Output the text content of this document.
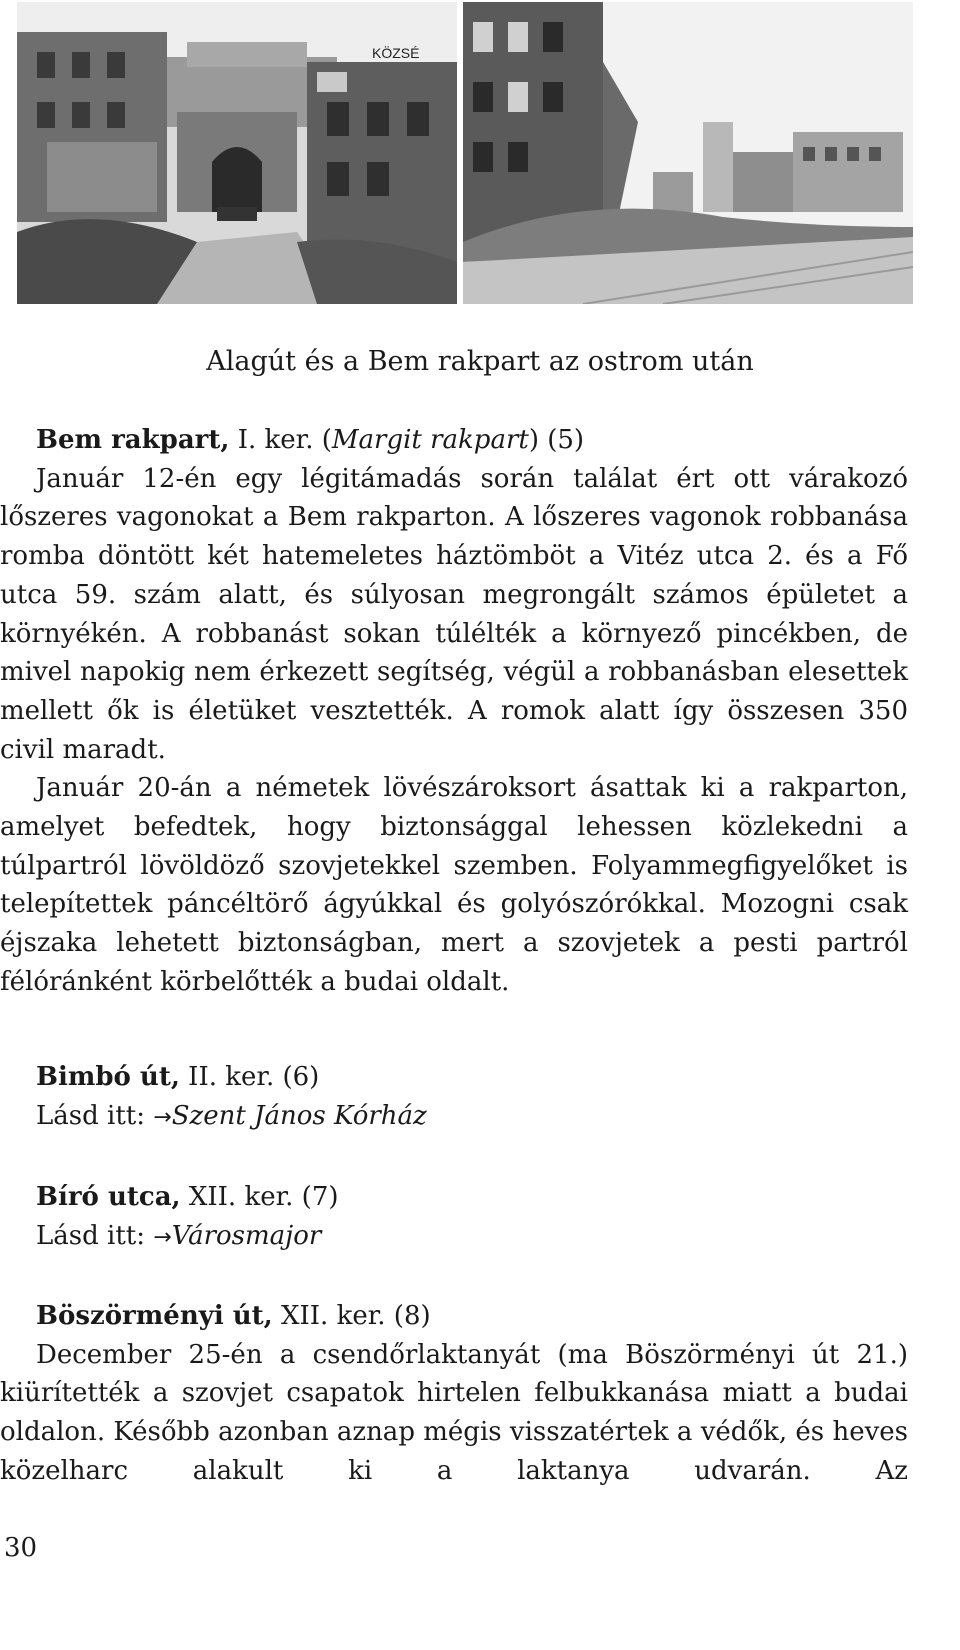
KÖZSÉ
Alagút és a Bem rakpart az ostrom után

Bem rakpart, I. ker. (Margit rakpart) (5)

Január 12-én egy légitámadás során találat ért ott várakozó lőszeres vagonokat a Bem rakparton. A lőszeres vagonok robbanása romba döntött két hatemeletes háztömböt a Vitéz utca 2. és a Fő utca 59. szám alatt, és súlyosan megrongált számos épületet a környékén. A robbanást sokan túlélték a környező pincékben, de mivel napokig nem érkezett segítség, végül a robbanásban elesettek mellett ők is életüket vesztették. A romok alatt így összesen 350 civil maradt.

Január 20-án a németek lövészároksort ásattak ki a rakparton, amelyet befedtek, hogy biztonsággal lehessen közlekedni a túlpartról lövöldöző szovjetekkel szemben. Folyammegfigyelőket is telepítettek páncéltörő ágyúkkal és golyószórókkal. Mozogni csak éjszaka lehetett biztonságban, mert a szovjetek a pesti partról félóránként körbelőtték a budai oldalt.

Bimbó út, II. ker. (6)

Lásd itt: →Szent János Kórház

Bíró utca, XII. ker. (7)

Lásd itt: →Városmajor

Böszörményi út, XII. ker. (8)

December 25-én a csendőrlaktanyát (ma Böszörményi út 21.) kiürítették a szovjet csapatok hirtelen felbukkanása miatt a budai oldalon. Később azonban aznap mégis visszatértek a védők, és heves közelharc alakult ki a laktanya udvarán. Az

30
